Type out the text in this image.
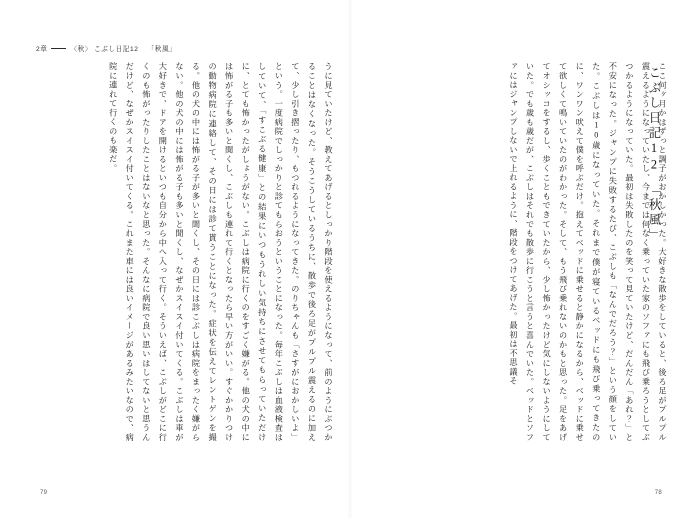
2章	〈秋〉 こぶし日記12 「秋風」
うに見ていたけど、教えてあげるとしっかり階段を使えるようになって、前のようにぶつかることはなくなった。そうこうしているうちに、散歩で後ろ足がプルプル震えるのに加えて、少し引き摺ったり、もつれるようになってきた。のりちゃんも「さすがにおかしいよ」という。一度病院でしっかりと診てもらおうということになった。毎年こぶしは血液検査はしていて、「すこぶる健康」との結果にいつもうれしい気持ちにさせてもらっていただけに、とても怖かったがしょうがない。こぶしは病院に行くのをすごく嫌がる。他の犬の中には怖がる子も多いと聞くし、こぶしも連れて行くとなったら早い方がいい。すぐかかりつけの動物病院に連絡して、その日には診て貰うことになった。症状を伝えてレントゲンを撮る。他の犬の中には怖がる子が多いと聞くし、その日には診こぶしは病院をまったく嫌がらない。他の犬の中には怖がる子も多いと聞くし、なぜかスイスイ付いてくる。こぶしは車が大好きで、ドアを開けるといつも自分から中へ入って行く。そういえば、こぶしがどこに行くのも怖がったりしたことはないなと思った。そんなに病院で良い思いはしてないと思うんだけど、なぜかスイスイ付いてくる。これまた車には良いイメージがあるみたいなので、病院に連れて行くのも楽だ。
79
こぶし日記12　「秋風」
ここ何ヶ月かはずっと調子がおかしかった。大好きな散歩をしていると、後ろ足がプルプル震えるようになっていたし、今までは何なく乗っていた家のソファにも飛び乗ろうとしてぶつかるようになっていた。最初は失敗したのを笑って見ていたけど、だんだん「あれ？」と不安になった。ジャンプに失敗するたび、こぶしも「なんでだろう？」という顔をしていた。こぶしは10歳になっていた。それまで僕が寝ているベッドにも飛び乗ってきたのに、ワンワン吠えて僕を呼ぶだけ。抱えてベッドに乗せると静かになるから、ベッドに乗せて欲しくて鳴いていたのがわかった。そして、もう飛び乗れないのかもと思った。足をあげてオシッコをするし、歩くこともできていたから、少し怖かったけど気にしないようにしていた。でも歳も歳だが、こぶしはそれでも散歩に行こうと言うと喜んでいた。ベッドとソファにはジャンプしないで上れるように、階段をつけてあげた。最初は不思議そ
78
